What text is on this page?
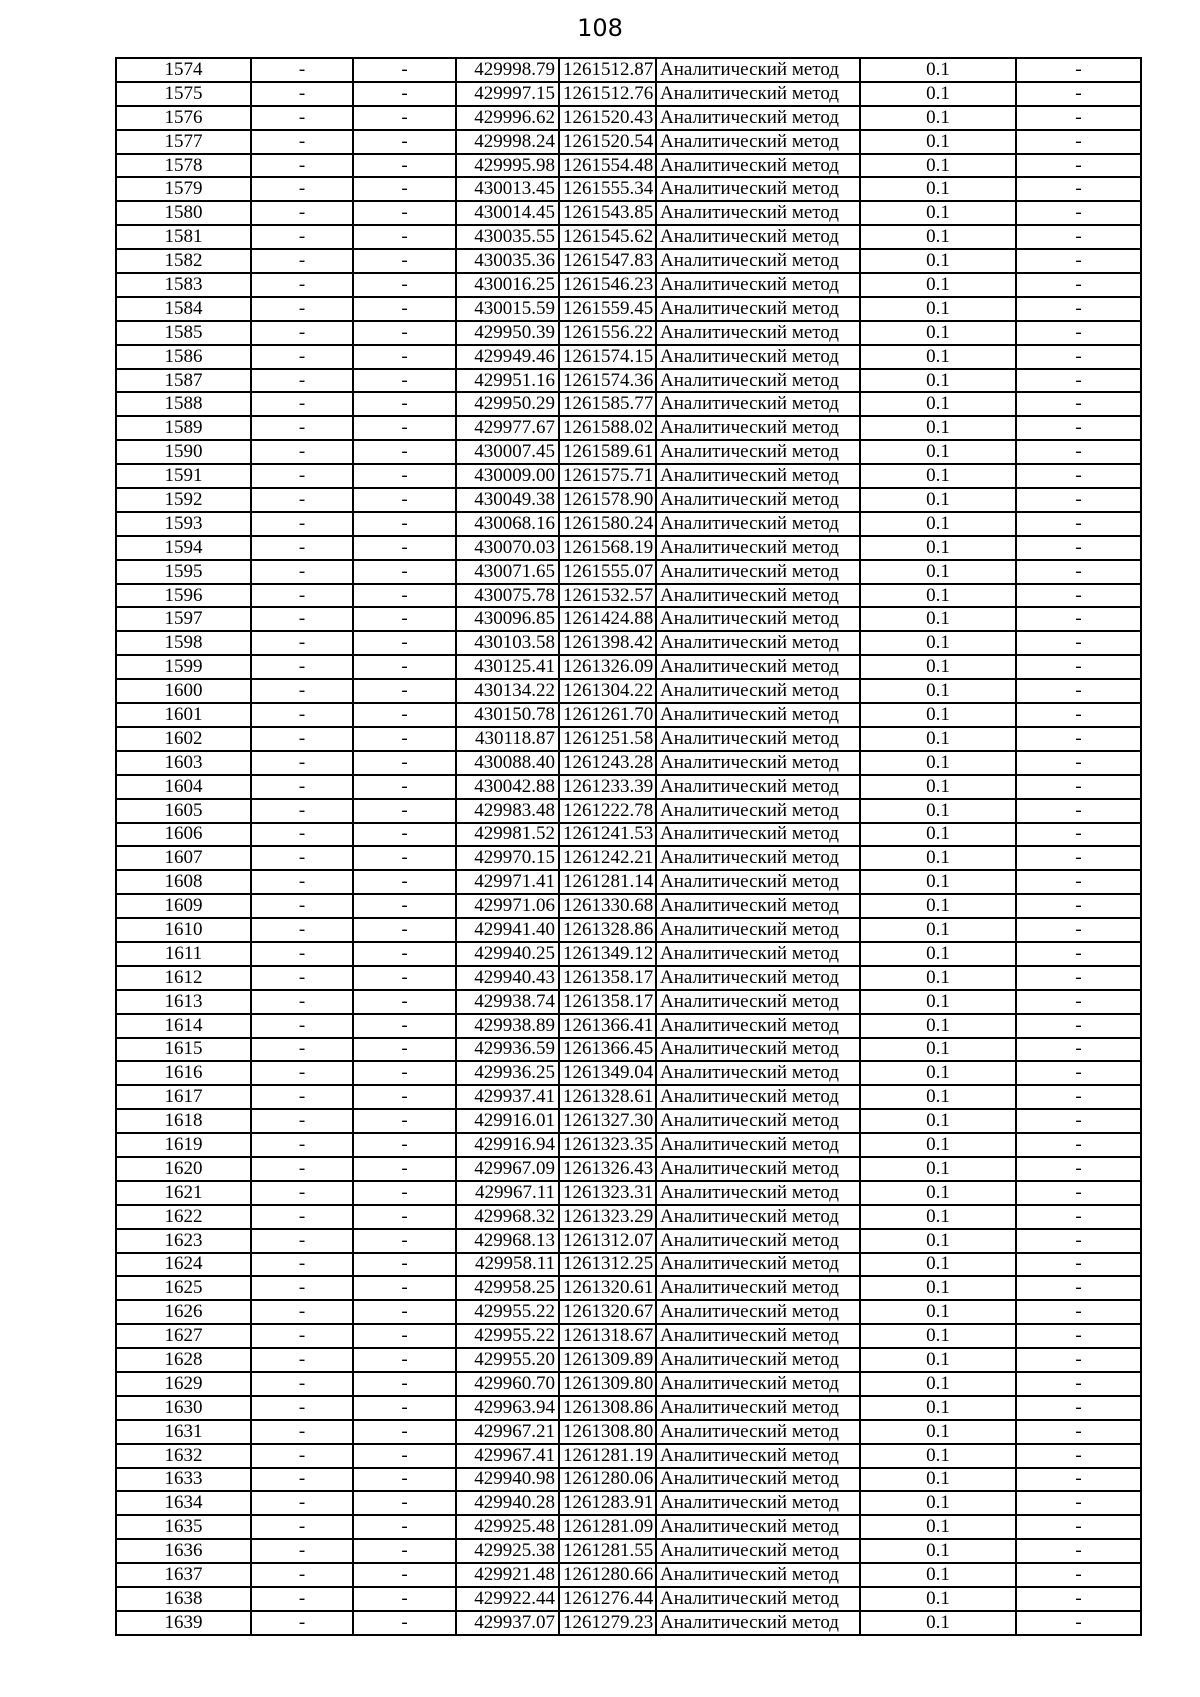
108
1574	-	-	429998.79	1261512.87	Аналитический метод	0.1	-
1575	-	-	429997.15	1261512.76	Аналитический метод	0.1	-
1576	-	-	429996.62	1261520.43	Аналитический метод	0.1	-
1577	-	-	429998.24	1261520.54	Аналитический метод	0.1	-
1578	-	-	429995.98	1261554.48	Аналитический метод	0.1	-
1579	-	-	430013.45	1261555.34	Аналитический метод	0.1	-
1580	-	-	430014.45	1261543.85	Аналитический метод	0.1	-
1581	-	-	430035.55	1261545.62	Аналитический метод	0.1	-
1582	-	-	430035.36	1261547.83	Аналитический метод	0.1	-
1583	-	-	430016.25	1261546.23	Аналитический метод	0.1	-
1584	-	-	430015.59	1261559.45	Аналитический метод	0.1	-
1585	-	-	429950.39	1261556.22	Аналитический метод	0.1	-
1586	-	-	429949.46	1261574.15	Аналитический метод	0.1	-
1587	-	-	429951.16	1261574.36	Аналитический метод	0.1	-
1588	-	-	429950.29	1261585.77	Аналитический метод	0.1	-
1589	-	-	429977.67	1261588.02	Аналитический метод	0.1	-
1590	-	-	430007.45	1261589.61	Аналитический метод	0.1	-
1591	-	-	430009.00	1261575.71	Аналитический метод	0.1	-
1592	-	-	430049.38	1261578.90	Аналитический метод	0.1	-
1593	-	-	430068.16	1261580.24	Аналитический метод	0.1	-
1594	-	-	430070.03	1261568.19	Аналитический метод	0.1	-
1595	-	-	430071.65	1261555.07	Аналитический метод	0.1	-
1596	-	-	430075.78	1261532.57	Аналитический метод	0.1	-
1597	-	-	430096.85	1261424.88	Аналитический метод	0.1	-
1598	-	-	430103.58	1261398.42	Аналитический метод	0.1	-
1599	-	-	430125.41	1261326.09	Аналитический метод	0.1	-
1600	-	-	430134.22	1261304.22	Аналитический метод	0.1	-
1601	-	-	430150.78	1261261.70	Аналитический метод	0.1	-
1602	-	-	430118.87	1261251.58	Аналитический метод	0.1	-
1603	-	-	430088.40	1261243.28	Аналитический метод	0.1	-
1604	-	-	430042.88	1261233.39	Аналитический метод	0.1	-
1605	-	-	429983.48	1261222.78	Аналитический метод	0.1	-
1606	-	-	429981.52	1261241.53	Аналитический метод	0.1	-
1607	-	-	429970.15	1261242.21	Аналитический метод	0.1	-
1608	-	-	429971.41	1261281.14	Аналитический метод	0.1	-
1609	-	-	429971.06	1261330.68	Аналитический метод	0.1	-
1610	-	-	429941.40	1261328.86	Аналитический метод	0.1	-
1611	-	-	429940.25	1261349.12	Аналитический метод	0.1	-
1612	-	-	429940.43	1261358.17	Аналитический метод	0.1	-
1613	-	-	429938.74	1261358.17	Аналитический метод	0.1	-
1614	-	-	429938.89	1261366.41	Аналитический метод	0.1	-
1615	-	-	429936.59	1261366.45	Аналитический метод	0.1	-
1616	-	-	429936.25	1261349.04	Аналитический метод	0.1	-
1617	-	-	429937.41	1261328.61	Аналитический метод	0.1	-
1618	-	-	429916.01	1261327.30	Аналитический метод	0.1	-
1619	-	-	429916.94	1261323.35	Аналитический метод	0.1	-
1620	-	-	429967.09	1261326.43	Аналитический метод	0.1	-
1621	-	-	429967.11	1261323.31	Аналитический метод	0.1	-
1622	-	-	429968.32	1261323.29	Аналитический метод	0.1	-
1623	-	-	429968.13	1261312.07	Аналитический метод	0.1	-
1624	-	-	429958.11	1261312.25	Аналитический метод	0.1	-
1625	-	-	429958.25	1261320.61	Аналитический метод	0.1	-
1626	-	-	429955.22	1261320.67	Аналитический метод	0.1	-
1627	-	-	429955.22	1261318.67	Аналитический метод	0.1	-
1628	-	-	429955.20	1261309.89	Аналитический метод	0.1	-
1629	-	-	429960.70	1261309.80	Аналитический метод	0.1	-
1630	-	-	429963.94	1261308.86	Аналитический метод	0.1	-
1631	-	-	429967.21	1261308.80	Аналитический метод	0.1	-
1632	-	-	429967.41	1261281.19	Аналитический метод	0.1	-
1633	-	-	429940.98	1261280.06	Аналитический метод	0.1	-
1634	-	-	429940.28	1261283.91	Аналитический метод	0.1	-
1635	-	-	429925.48	1261281.09	Аналитический метод	0.1	-
1636	-	-	429925.38	1261281.55	Аналитический метод	0.1	-
1637	-	-	429921.48	1261280.66	Аналитический метод	0.1	-
1638	-	-	429922.44	1261276.44	Аналитический метод	0.1	-
1639	-	-	429937.07	1261279.23	Аналитический метод	0.1	-
